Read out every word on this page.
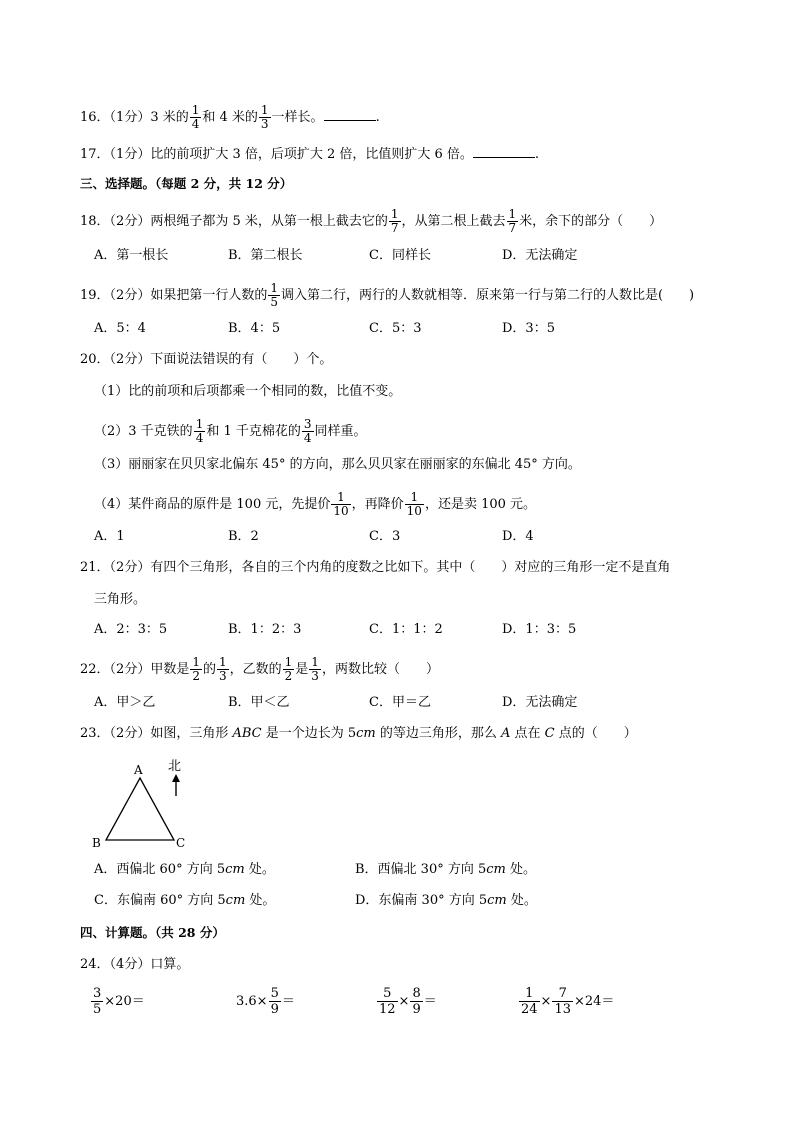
16．（1分）3 米的 $\frac{1}{4}$ 和 4 米的 $\frac{1}{3}$ 一样长。	.
17．（1分）比的前项扩大 3 倍，后项扩大 2 倍，比值则扩大 6 倍。	.
三、选择题。（每题 2 分，共 12 分）
18．（2分）两根绳子都为 5 米，从第一根上截去它的 $\frac{1}{7}$ ，从第二根上截去 $\frac{1}{7}$ 米，余下的部分（　　）
A．第一根长	B．第二根长	C．同样长	D．无法确定
19．（2分）如果把第一行人数的 $\frac{1}{5}$ 调入第二行，两行的人数就相等．原来第一行与第二行的人数比是(　　)
A．5：4	B．4：5	C．5：3	D．3：5
20．（2分）下面说法错误的有（　　）个。
（1）比的前项和后项都乘一个相同的数，比值不变。
（2）3 千克铁的 $\frac{1}{4}$ 和 1 千克棉花的 $\frac{3}{4}$ 同样重。
（3）丽丽家在贝贝家北偏东 45° 的方向，那么贝贝家在丽丽家的东偏北 45° 方向。
（4）某件商品的原件是 100 元，先提价 $\frac{1}{10}$ ，再降价 $\frac{1}{10}$ ，还是卖 100 元。
A．1	B．2	C．3	D．4
21．（2分）有四个三角形，各自的三个内角的度数之比如下。其中（　　）对应的三角形一定不是直角
三角形。
A．2：3：5	B．1：2：3	C．1：1：2	D．1：3：5
22．（2分）甲数是 $\frac{1}{2}$ 的 $\frac{1}{3}$ ，乙数的 $\frac{1}{2}$ 是 $\frac{1}{3}$ ，两数比较（　　）
A．甲＞乙	B．甲＜乙	C．甲＝乙	D．无法确定
23．（2分）如图，三角形 ABC 是一个边长为 5cm 的等边三角形，那么 A 点在 C 点的（　　）
A
B	C
北
A．西偏北 60° 方向 5cm 处。	B．西偏北 30° 方向 5cm 处。
C．东偏南 60° 方向 5cm 处。	D．东偏南 30° 方向 5cm 处。
四、计算题。（共 28 分）
24．（4分）口算。
$\frac{3}{5} \times 20=$	$3.6\times \frac{5}{9}$ ＝	$\frac{5}{12} \times \frac{8}{9}$ ＝	$\frac{1}{24} \times \frac{7}{13} \times 24=$
